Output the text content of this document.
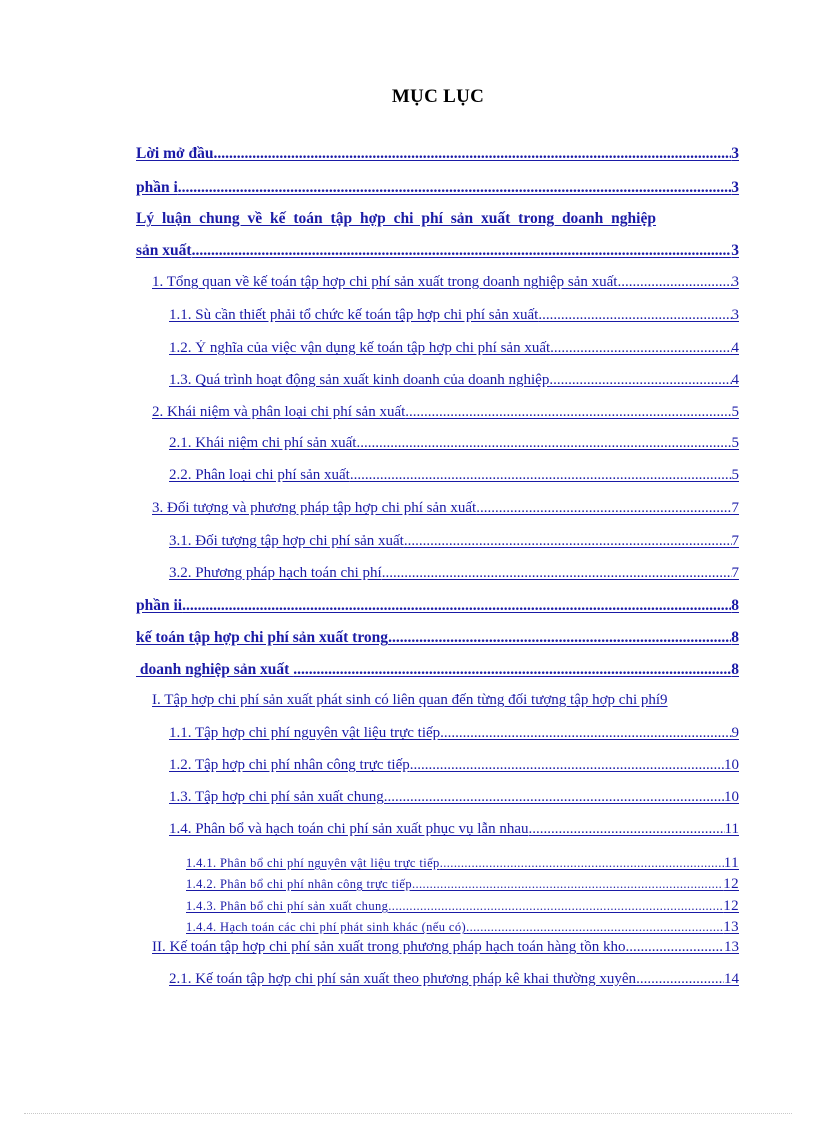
MỤC LỤC
Lời mở đầu .....	3
phần i .....	3
Lý luận chung về kế toán tập hợp chi phí sản xuất trong doanh nghiệp
sản xuất .....	3
1. Tổng quan về kế toán tập hợp chi phí sản xuất trong doanh nghiệp sản xuất .....	3
1.1. Sù cần thiết phải tổ chức kế toán tập hợp chi phí sản xuất .....	3
1.2. Ý nghĩa của việc vận dụng kế toán tập hợp chi phí sản xuất .....	4
1.3. Quá trình hoạt động sản xuất kinh doanh của doanh nghiệp .....	4
2. Khái niệm và phân loại chi phí sản xuất .....	5
2.1. Khái niệm chi phí sản xuất .....	5
2.2. Phân loại chi phí sản xuất .....	5
3. Đối tượng và phương pháp tập hợp chi phí sản xuất .....	7
3.1. Đối tượng tập hợp chi phí sản xuất .....	7
3.2. Phương pháp hạch toán chi phí .....	7
phần ii .....	8
kế toán tập hợp chi phí sản xuất trong .....	8
doanh nghiệp sản xuất .....	8
I. Tập hợp chi phí sản xuất phát sinh có liên quan đến từng đối tượng tập hợp chi phí 9
1.1. Tập hợp chi phí nguyên vật liệu trực tiếp .....	9
1.2. Tập hợp chi phí nhân công trực tiếp .....	10
1.3. Tập hợp chi phí sản xuất chung .....	10
1.4. Phân bổ và hạch toán chi phí sản xuất phục vụ lẫn nhau .....	11
1.4.1. Phân bổ chi phí nguyên vật liệu trực tiếp .....	11
1.4.2. Phân bổ chi phí nhân công trực tiếp .....	12
1.4.3. Phân bổ chi phí sản xuất chung .....	12
1.4.4. Hạch toán các chi phí phát sinh khác (nếu có) .....	13
II. Kế toán tập hợp chi phí sản xuất trong phương pháp hạch toán hàng tồn kho .....	13
2.1. Kế toán tập hợp chi phí sản xuất theo phương pháp kê khai thường xuyên .....	14
